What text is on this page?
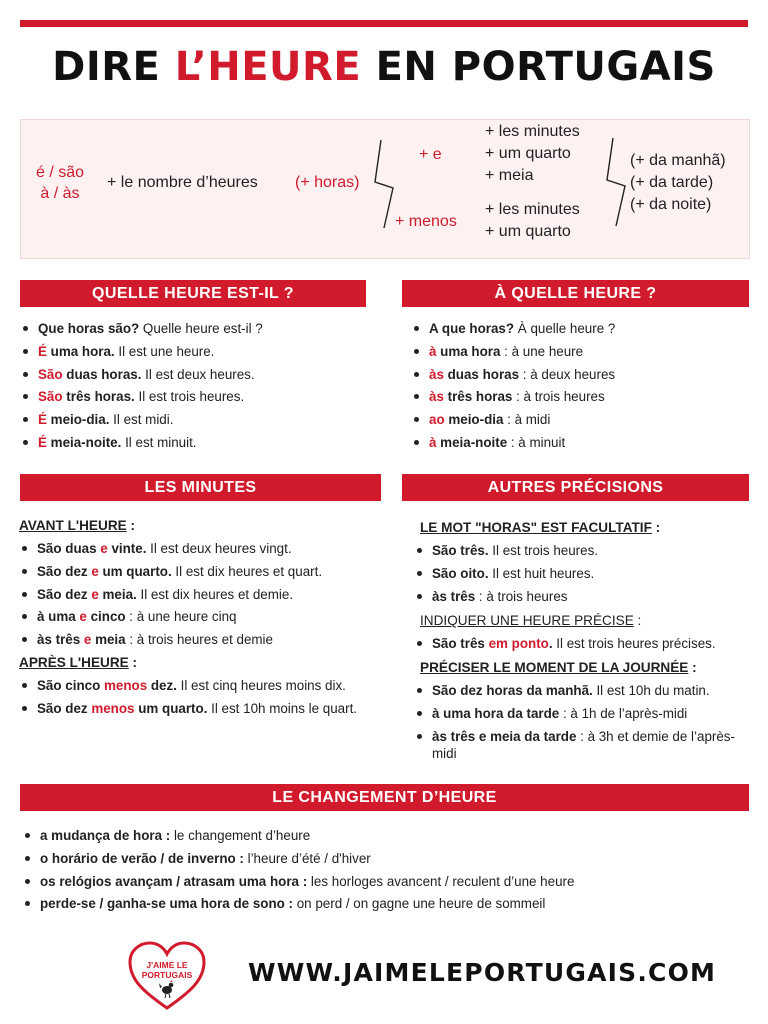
DIRE L’HEURE EN PORTUGAIS
é / são
à / às
+ le nombre d’heures (+ horas)
+ e
+ menos
+ les minutes
+ um quarto
+ meia
+ les minutes
+ um quarto
(+ da manhã)
(+ da tarde)
(+ da noite)
QUELLE HEURE EST-IL ?
Que horas são? Quelle heure est-il ?
É uma hora. Il est une heure.
São duas horas. Il est deux heures.
São três horas. Il est trois heures.
É meio-dia. Il est midi.
É meia-noite. Il est minuit.
À QUELLE HEURE ?
A que horas? À quelle heure ?
à uma hora : à une heure
às duas horas : à deux heures
às três horas : à trois heures
ao meio-dia : à midi
à meia-noite : à minuit
LES MINUTES
AVANT L'HEURE :
São duas e vinte. Il est deux heures vingt.
São dez e um quarto. Il est dix heures et quart.
São dez e meia. Il est dix heures et demie.
à uma e cinco : à une heure cinq
às três e meia : à trois heures et demie
APRÈS L'HEURE :
São cinco menos dez. Il est cinq heures moins dix.
São dez menos um quarto. Il est 10h moins le quart.
AUTRES PRÉCISIONS
LE MOT "HORAS" EST FACULTATIF :
São três. Il est trois heures.
São oito. Il est huit heures.
às três : à trois heures
INDIQUER UNE HEURE PRÉCISE :
São três em ponto. Il est trois heures précises.
PRÉCISER LE MOMENT DE LA JOURNÉE :
São dez horas da manhã. Il est 10h du matin.
à uma hora da tarde : à 1h de l’après-midi
às três e meia da tarde : à 3h et demie de l’après-midi
LE CHANGEMENT D’HEURE
a mudança de hora : le changement d’heure
o horário de verão / de inverno : l’heure d’été / d'hiver
os relógios avançam / atrasam uma hora : les horloges avancent / reculent d’une heure
perde-se / ganha-se uma hora de sono : on perd / on gagne une heure de sommeil
J'AIME LE
PORTUGAIS WWW.JAIMELEPORTUGAIS.COM
